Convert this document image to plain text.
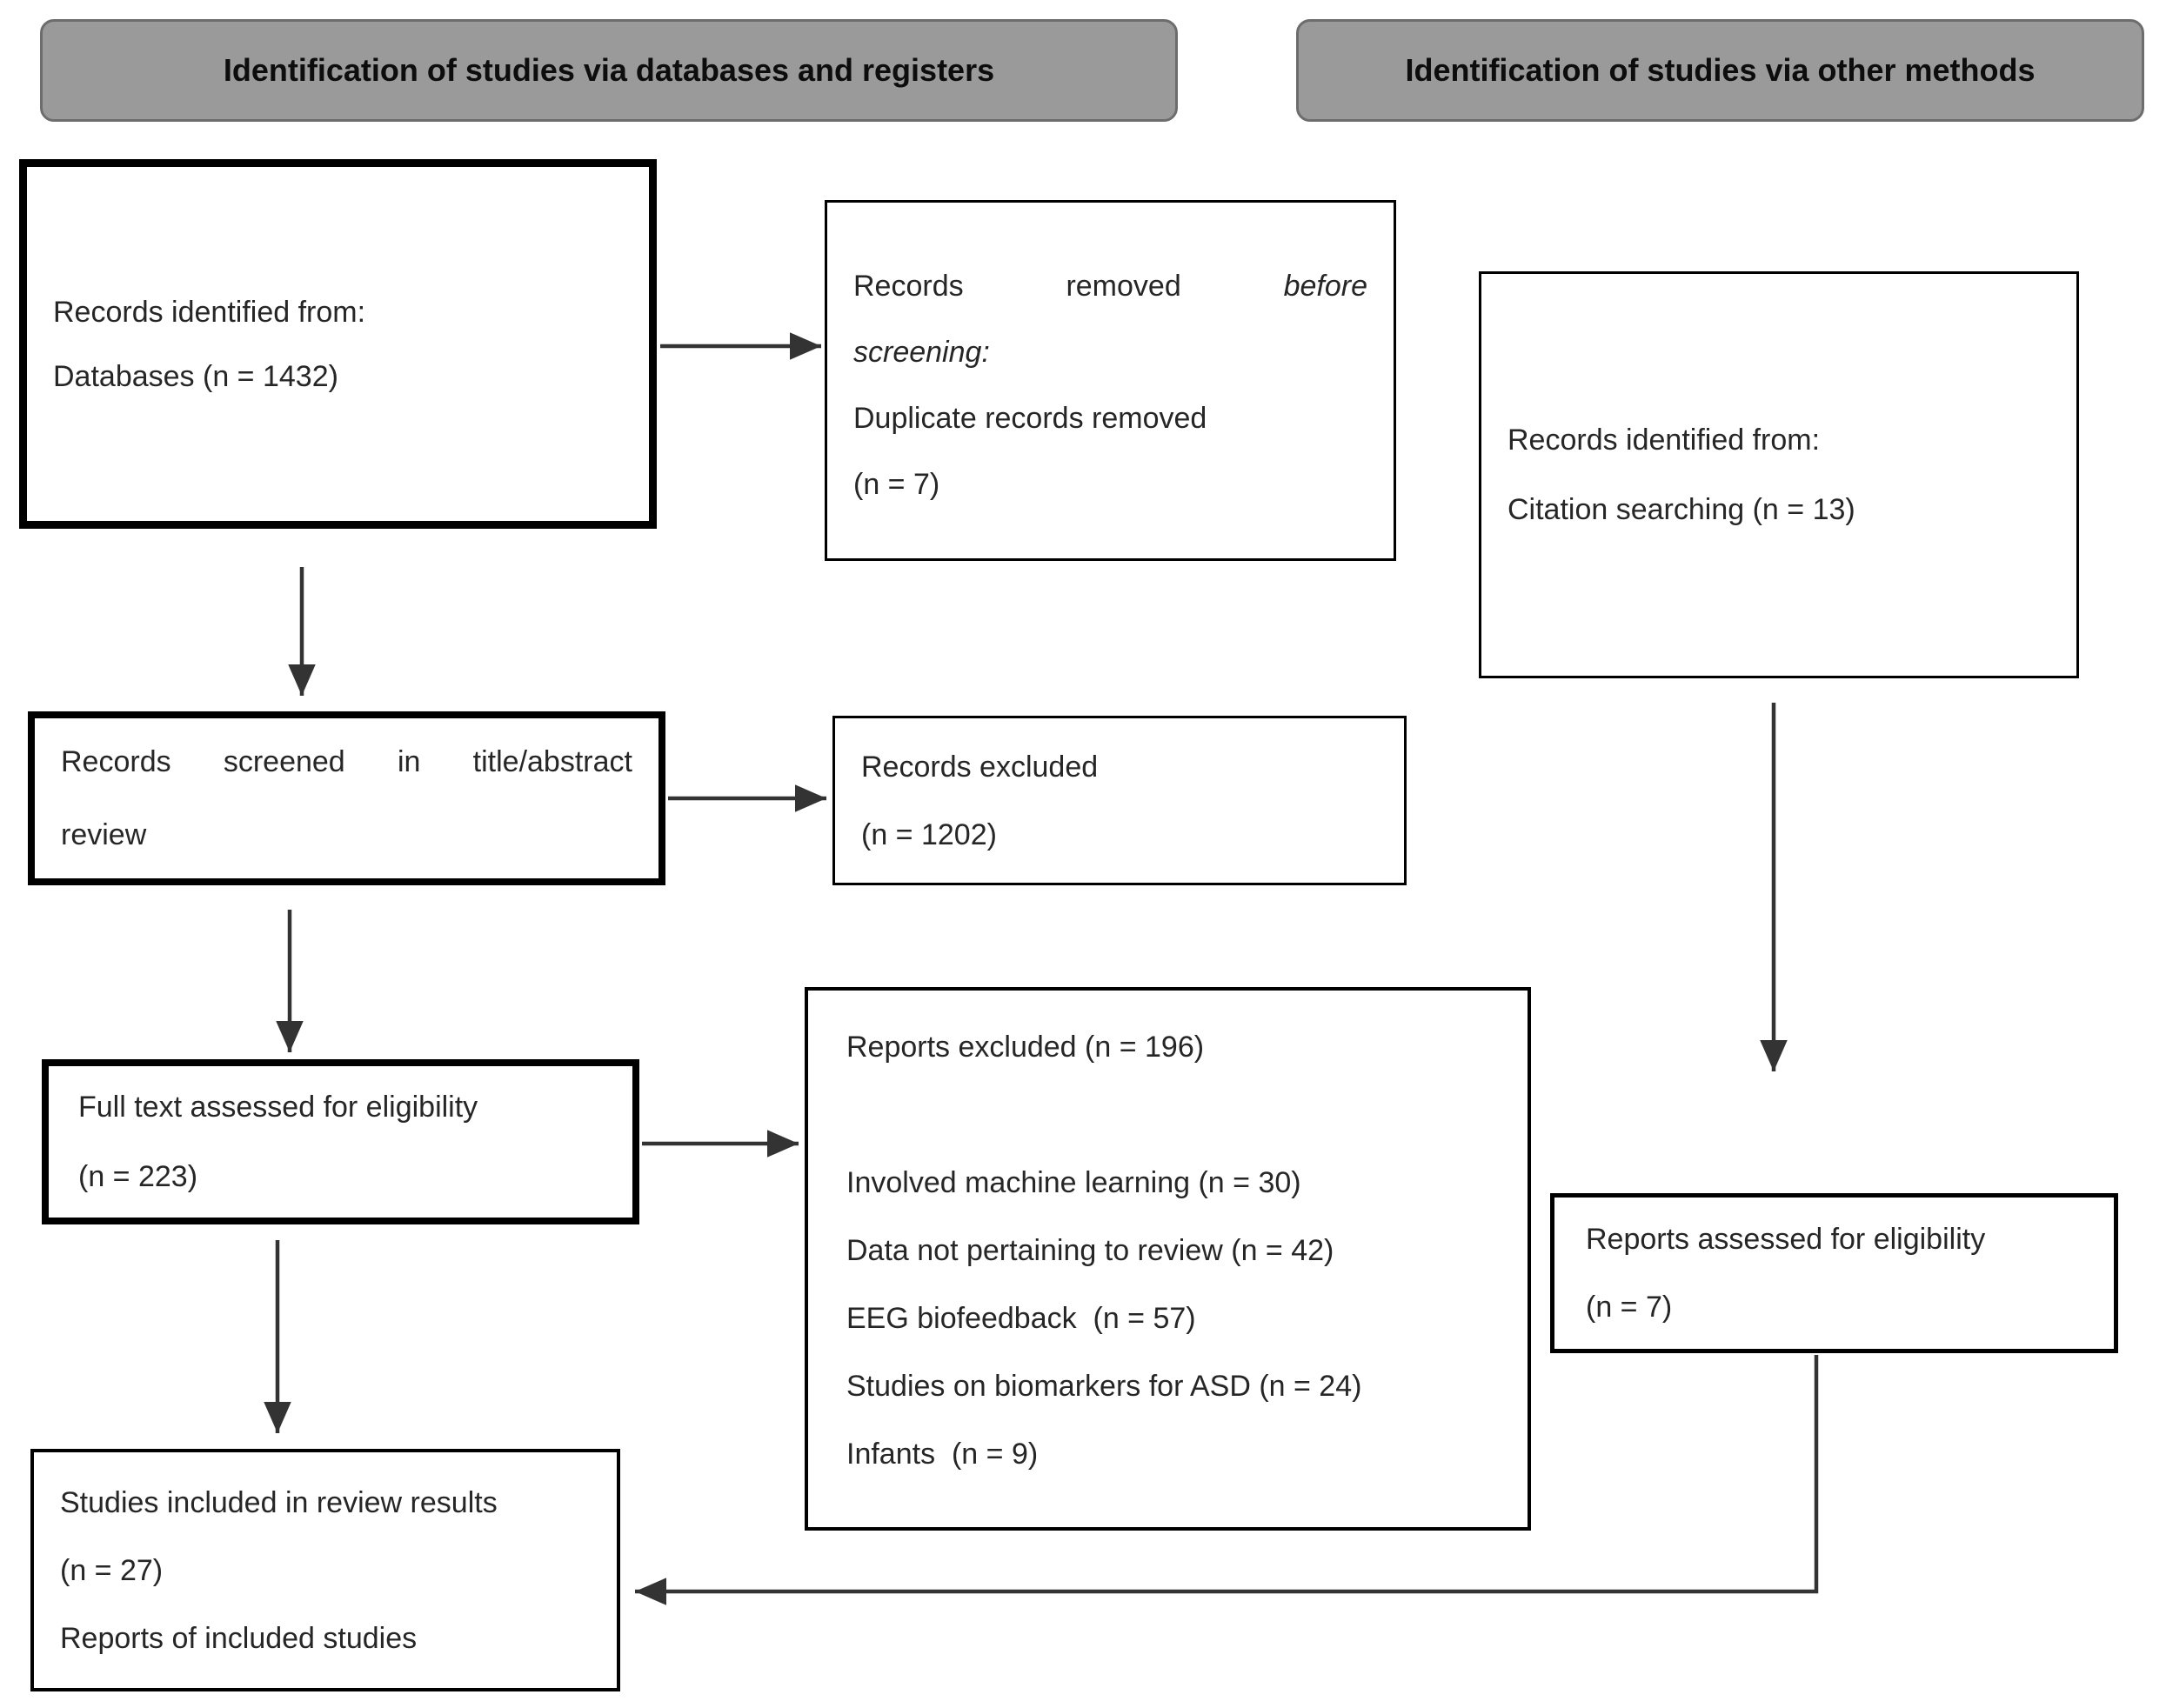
Identification of studies via databases and registers	Identification of studies via other methods
Records identified from:
Databases (n = 1432)
Records	removed	before
screening:
Duplicate records removed
(n = 7)
Records identified from:
Citation searching (n = 13)
Records screened in title/abstract
review
Records excluded
(n = 1202)
Full text assessed for eligibility
(n = 223)
Reports excluded (n = 196)
Involved machine learning (n = 30)
Data not pertaining to review (n = 42)
EEG biofeedback  (n = 57)
Studies on biomarkers for ASD (n = 24)
Infants  (n = 9)
Reports assessed for eligibility
(n = 7)
Studies included in review results
(n = 27)
Reports of included studies
